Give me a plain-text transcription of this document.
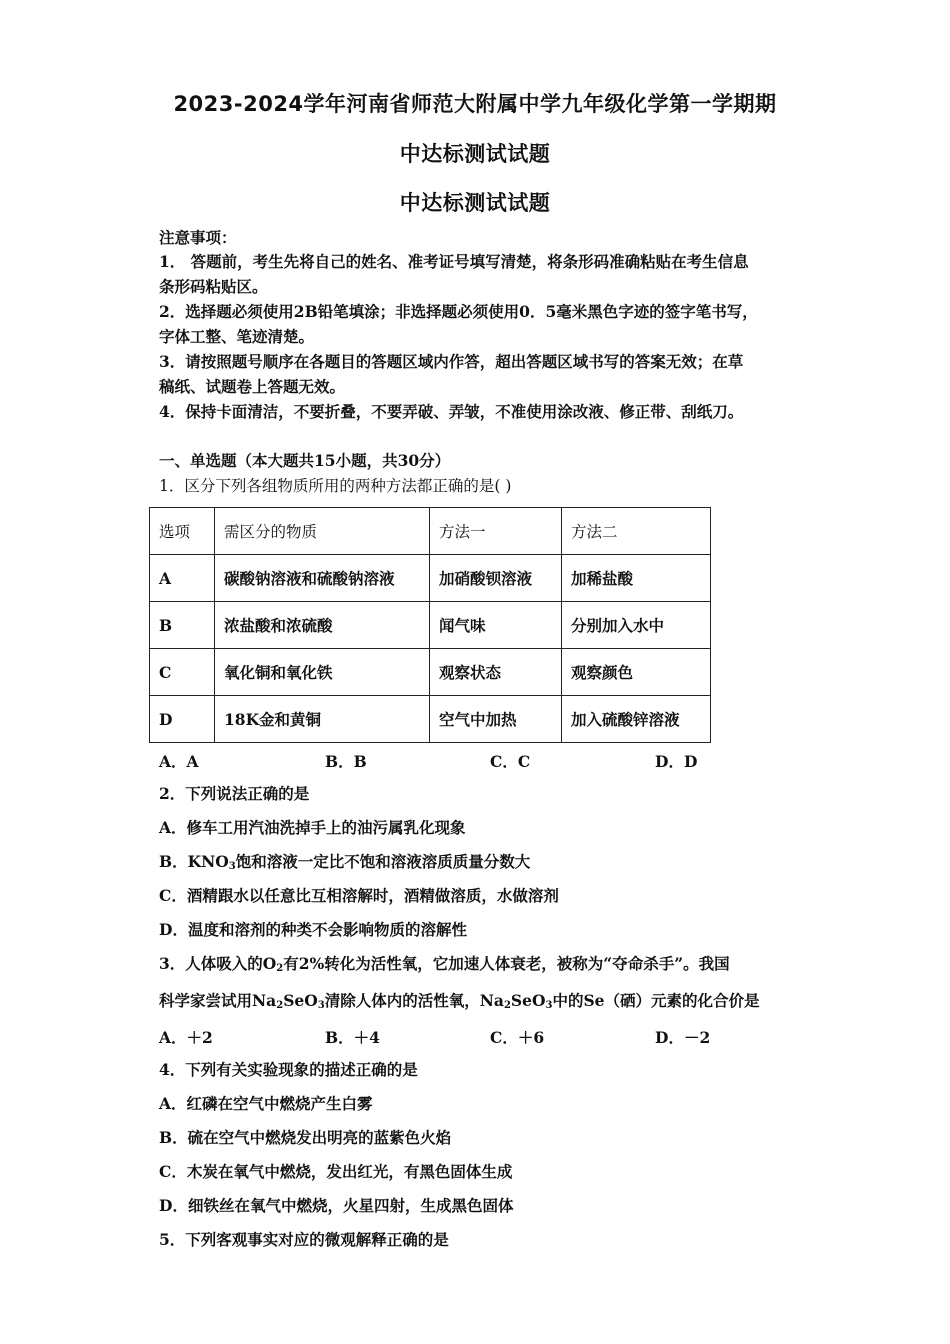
2023-2024学年河南省师范大附属中学九年级化学第一学期期
中达标测试试题
中达标测试试题
注意事项：
1． 答题前，考生先将自己的姓名、准考证号填写清楚，将条形码准确粘贴在考生信息
条形码粘贴区。
2．选择题必须使用2B铅笔填涂；非选择题必须使用0．5毫米黑色字迹的签字笔书写，
字体工整、笔迹清楚。
3．请按照题号顺序在各题目的答题区域内作答，超出答题区域书写的答案无效；在草
稿纸、试题卷上答题无效。
4．保持卡面清洁，不要折叠，不要弄破、弄皱，不准使用涂改液、修正带、刮纸刀。
一、单选题（本大题共15小题，共30分）
1．区分下列各组物质所用的两种方法都正确的是( )
选项	需区分的物质	方法一	方法二
A	碳酸钠溶液和硫酸钠溶液	加硝酸钡溶液	加稀盐酸
B	浓盐酸和浓硫酸	闻气味	分别加入水中
C	氧化铜和氧化铁	观察状态	观察颜色
D	18K金和黄铜	空气中加热	加入硫酸锌溶液
A．A	B．B	C．C	D．D
2．下列说法正确的是
A．修车工用汽油洗掉手上的油污属乳化现象
B．$KNO_3$饱和溶液一定比不饱和溶液溶质质量分数大
C．酒精跟水以任意比互相溶解时，酒精做溶质，水做溶剂
D．温度和溶剂的种类不会影响物质的溶解性
3．人体吸入的$O_2$有2%转化为活性氧，它加速人体衰老，被称为“夺命杀手”。我国
科学家尝试用$Na_2SeO_3$清除人体内的活性氧，$Na_2SeO_3$中的Se（硒）元素的化合价是
A．＋2	B．＋4	C．＋6	D．－2
4．下列有关实验现象的描述正确的是
A．红磷在空气中燃烧产生白雾
B．硫在空气中燃烧发出明亮的蓝紫色火焰
C．木炭在氧气中燃烧，发出红光，有黑色固体生成
D．细铁丝在氧气中燃烧，火星四射，生成黑色固体
5．下列客观事实对应的微观解释正确的是
